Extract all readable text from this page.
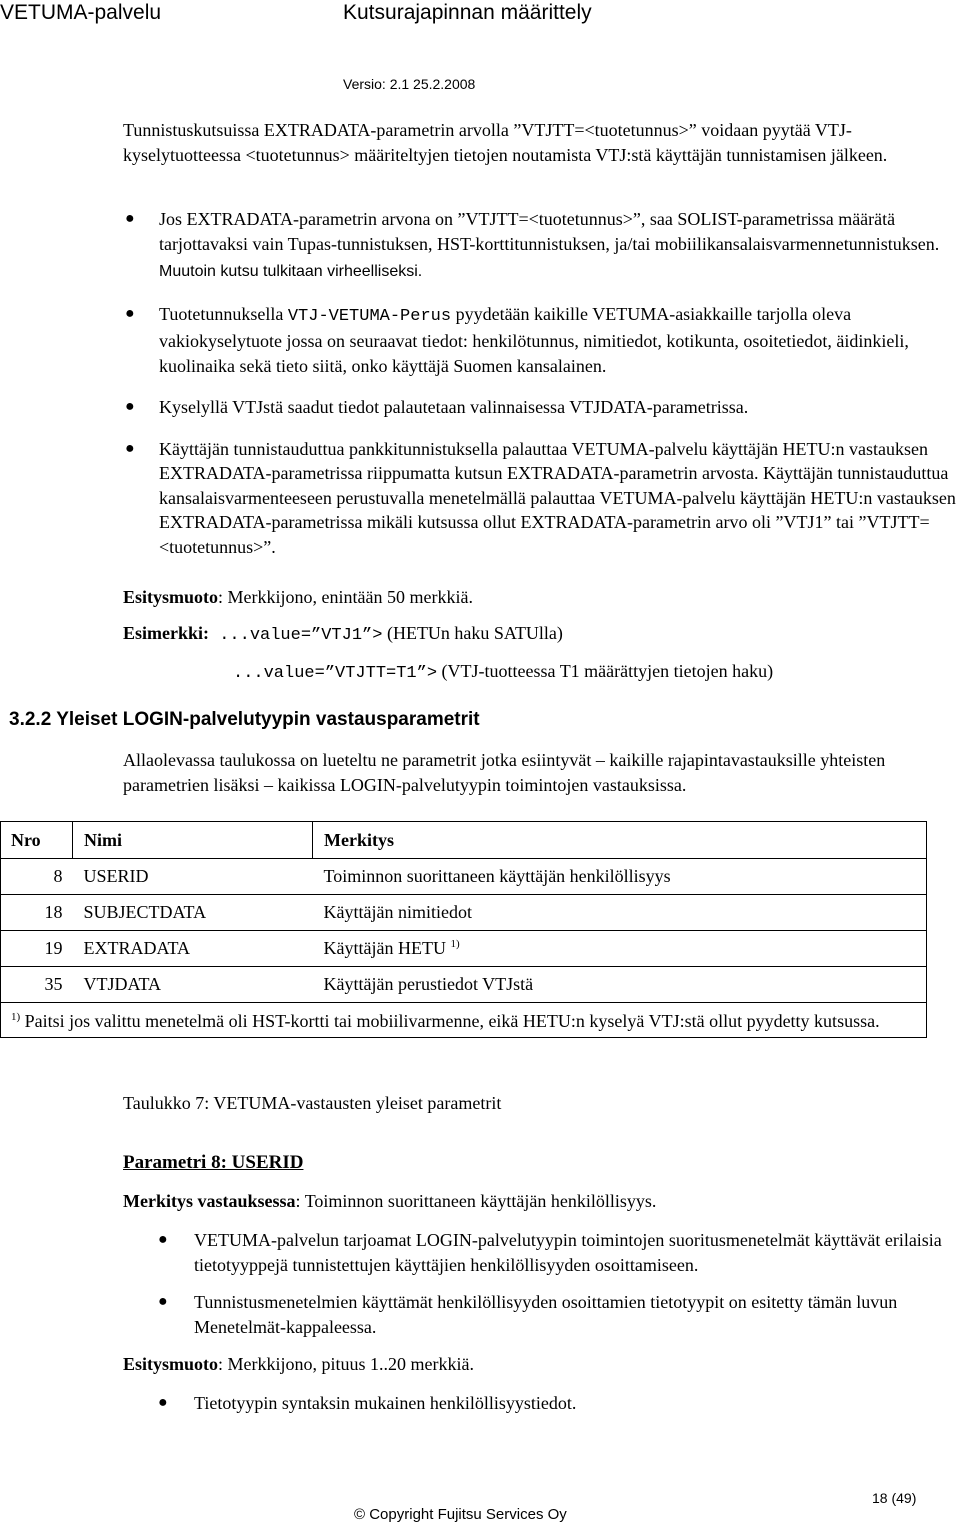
VETUMA-palvelu	Kutsurajapinnan määrittely
Versio: 2.1 25.2.2008

Tunnistuskutsuissa EXTRADATA-parametrin arvolla ”VTJTT=<tuotetunnus>” voidaan pyytää VTJ-kyselytuotteessa <tuotetunnus> määriteltyjen tietojen noutamista VTJ:stä käyttäjän tunnistamisen jälkeen.

● Jos EXTRADATA-parametrin arvona on ”VTJTT=<tuotetunnus>”, saa SOLIST-parametrissa määrätä tarjottavaksi vain Tupas-tunnistuksen, HST-korttitunnistuksen, ja/tai mobiilikansalaisvarmennetunnistuksen. Muutoin kutsu tulkitaan virheelliseksi.
● Tuotetunnuksella VTJ-VETUMA-Perus pyydetään kaikille VETUMA-asiakkaille tarjolla oleva vakiokyselytuote jossa on seuraavat tiedot: henkilötunnus, nimitiedot, kotikunta, osoitetiedot, äidinkieli, kuolinaika sekä tieto siitä, onko käyttäjä Suomen kansalainen.
● Kyselyllä VTJstä saadut tiedot palautetaan valinnaisessa VTJDATA-parametrissa.
● Käyttäjän tunnistauduttua pankkitunnistuksella palauttaa VETUMA-palvelu käyttäjän HETU:n vastauksen EXTRADATA-parametrissa riippumatta kutsun EXTRADATA-parametrin arvosta. Käyttäjän tunnistauduttua kansalaisvarmenteeseen perustuvalla menetelmällä palauttaa VETUMA-palvelu käyttäjän HETU:n vastauksen EXTRADATA-parametrissa mikäli kutsussa ollut EXTRADATA-parametrin arvo oli ”VTJ1” tai ”VTJTT=<tuotetunnus>”.
Esitysmuoto: Merkkijono, enintään 50 merkkiä.
Esimerkki: ...value=”VTJ1”> (HETUn haku SATUlla)
...value=”VTJTT=T1”> (VTJ-tuotteessa T1 määrättyjen tietojen haku)
3.2.2 Yleiset LOGIN-palvelutyypin vastausparametrit

Allaolevassa taulukossa on lueteltu ne parametrit jotka esiintyvät – kaikille rajapintavastauksille yhteisten parametrien lisäksi – kaikissa LOGIN-palvelutyypin toimintojen vastauksissa.

Nro	Nimi	Merkitys
8	USERID	Toiminnon suorittaneen käyttäjän henkilöllisyys
18	SUBJECTDATA	Käyttäjän nimitiedot
19	EXTRADATA	Käyttäjän HETU $^{1)}$
35	VTJDATA	Käyttäjän perustiedot VTJstä
$^{1)}$ Paitsi jos valittu menetelmä oli HST-kortti tai mobiilivarmenne, eikä HETU:n kyselyä VTJ:stä ollut pyydetty kutsussa.		
Taulukko 7: VETUMA-vastausten yleiset parametrit
Parametri 8: USERID
Merkitys vastauksessa: Toiminnon suorittaneen käyttäjän henkilöllisyys.
● VETUMA-palvelun tarjoamat LOGIN-palvelutyypin toimintojen suoritusmenetelmät käyttävät erilaisia tietotyyppejä tunnistettujen käyttäjien henkilöllisyyden osoittamiseen.
● Tunnistusmenetelmien käyttämät henkilöllisyyden osoittamien tietotyypit on esitetty tämän luvun Menetelmät-kappaleessa.
Esitysmuoto: Merkkijono, pituus 1..20 merkkiä.
● Tietotyypin syntaksin mukainen henkilöllisyystiedot.
18 (49)
© Copyright Fujitsu Services Oy
